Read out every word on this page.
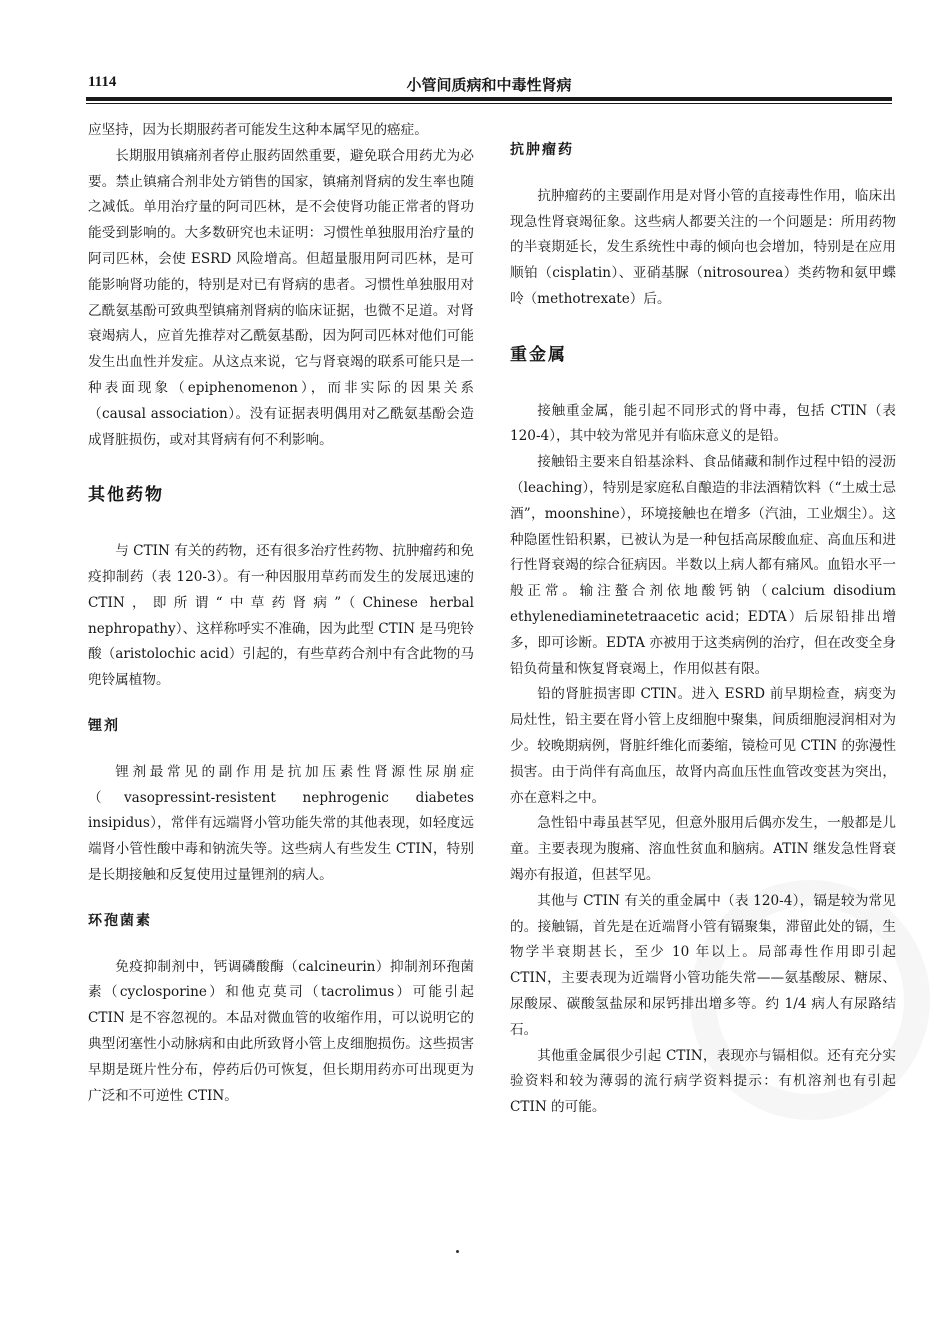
1114	小管间质病和中毒性肾病

应坚持，因为长期服药者可能发生这种本属罕见的癌症。

长期服用镇痛剂者停止服药固然重要，避免联合用药尤为必要。禁止镇痛合剂非处方销售的国家，镇痛剂肾病的发生率也随之减低。单用治疗量的阿司匹林，是不会使肾功能正常者的肾功能受到影响的。大多数研究也未证明：习惯性单独服用治疗量的阿司匹林，会使 ESRD 风险增高。但超量服用阿司匹林，是可能影响肾功能的，特别是对已有肾病的患者。习惯性单独服用对乙酰氨基酚可致典型镇痛剂肾病的临床证据，也微不足道。对肾衰竭病人，应首先推荐对乙酰氨基酚，因为阿司匹林对他们可能发生出血性并发症。从这点来说，它与肾衰竭的联系可能只是一种表面现象（epiphenomenon），而非实际的因果关系（causal association）。没有证据表明偶用对乙酰氨基酚会造成肾脏损伤，或对其肾病有何不利影响。

其他药物

与 CTIN 有关的药物，还有很多治疗性药物、抗肿瘤药和免疫抑制药（表 120-3）。有一种因服用草药而发生的发展迅速的 CTIN，即所谓“中草药肾病”（Chinese herbal nephropathy）、这样称呼实不准确，因为此型 CTIN 是马兜铃酸（aristolochic acid）引起的，有些草药合剂中有含此物的马兜铃属植物。

锂剂

锂剂最常见的副作用是抗加压素性肾源性尿崩症（vasopressint-resistent nephrogenic diabetes insipidus），常伴有远端肾小管功能失常的其他表现，如轻度远端肾小管性酸中毒和钠流失等。这些病人有些发生 CTIN，特别是长期接触和反复使用过量锂剂的病人。

环孢菌素

免疫抑制剂中，钙调磷酸酶（calcineurin）抑制剂环孢菌素（cyclosporine）和他克莫司（tacrolimus）可能引起 CTIN 是不容忽视的。本品对微血管的收缩作用，可以说明它的典型闭塞性小动脉病和由此所致肾小管上皮细胞损伤。这些损害早期是斑片性分布，停药后仍可恢复，但长期用药亦可出现更为广泛和不可逆性 CTIN。

抗肿瘤药

抗肿瘤药的主要副作用是对肾小管的直接毒性作用，临床出现急性肾衰竭征象。这些病人都要关注的一个问题是：所用药物的半衰期延长，发生系统性中毒的倾向也会增加，特别是在应用顺铂（cisplatin）、亚硝基脲（nitrosourea）类药物和氨甲蝶呤（methotrexate）后。

重金属

接触重金属，能引起不同形式的肾中毒，包括 CTIN（表 120-4），其中较为常见并有临床意义的是铅。

接触铅主要来自铅基涂料、食品储藏和制作过程中铅的浸沥（leaching），特别是家庭私自酿造的非法酒精饮料（“土威士忌酒”，moonshine），环境接触也在增多（汽油，工业烟尘）。这种隐匿性铅积累，已被认为是一种包括高尿酸血症、高血压和进行性肾衰竭的综合征病因。半数以上病人都有痛风。血铅水平一般正常。输注螯合剂依地酸钙钠（calcium disodium ethylenediaminetetraacetic acid；EDTA）后尿铅排出增多，即可诊断。EDTA 亦被用于这类病例的治疗，但在改变全身铅负荷量和恢复肾衰竭上，作用似甚有限。

铅的肾脏损害即 CTIN。进入 ESRD 前早期检查，病变为局灶性，铅主要在肾小管上皮细胞中聚集，间质细胞浸润相对为少。较晚期病例，肾脏纤维化而萎缩，镜检可见 CTIN 的弥漫性损害。由于尚伴有高血压，故肾内高血压性血管改变甚为突出，亦在意料之中。

急性铅中毒虽甚罕见，但意外服用后偶亦发生，一般都是儿童。主要表现为腹痛、溶血性贫血和脑病。ATIN 继发急性肾衰竭亦有报道，但甚罕见。

其他与 CTIN 有关的重金属中（表 120-4），镉是较为常见的。接触镉，首先是在近端肾小管有镉聚集，滞留此处的镉，生物学半衰期甚长，至少 10 年以上。局部毒性作用即引起 CTIN，主要表现为近端肾小管功能失常——氨基酸尿、糖尿、尿酸尿、碳酸氢盐尿和尿钙排出增多等。约 1/4 病人有尿路结石。

其他重金属很少引起 CTIN，表现亦与镉相似。还有充分实验资料和较为薄弱的流行病学资料提示：有机溶剂也有引起 CTIN 的可能。
